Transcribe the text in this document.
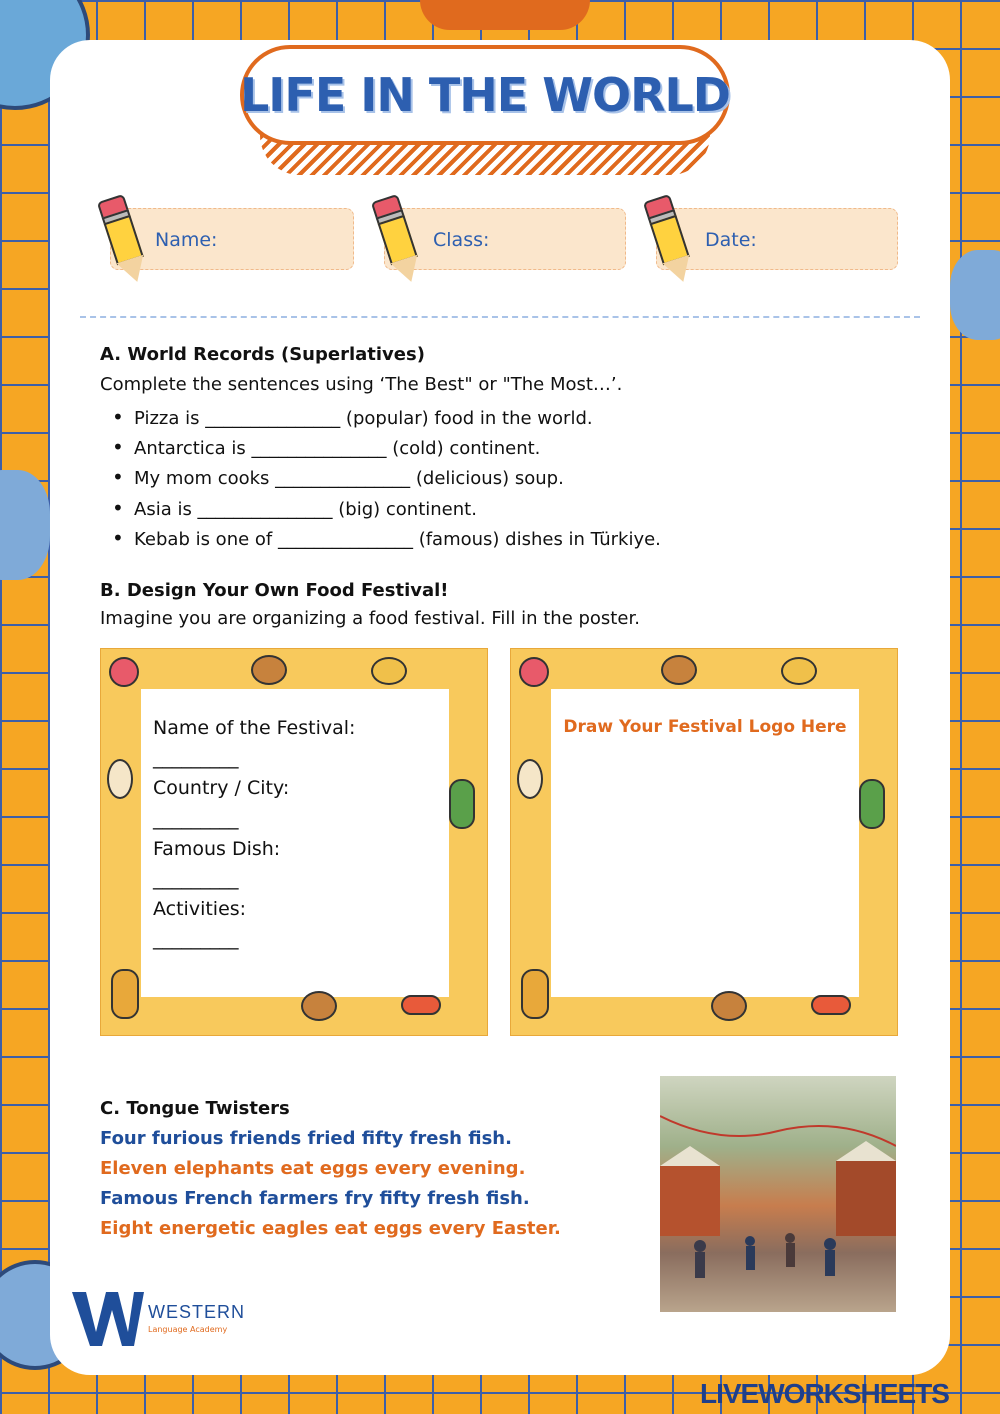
LIFE IN THE WORLD
Name:	Class:	Date:
A. World Records (Superlatives)
Complete the sentences using ‘The Best" or "The Most…’.
• Pizza is _______________ (popular) food in the world.
• Antarctica is _______________ (cold) continent.
• My mom cooks _______________ (delicious) soup.
• Asia is _______________ (big) continent.
• Kebab is one of _______________ (famous) dishes in Türkiye.
B. Design Your Own Food Festival!
Imagine you are organizing a food festival. Fill in the poster.
Name of the Festival:
_________
Country / City:
_________
Famous Dish:
_________
Activities:
_________
Draw Your Festival Logo Here
C. Tongue Twisters
Four furious friends fried fifty fresh fish.
Eleven elephants eat eggs every evening.
Famous French farmers fry fifty fresh fish.
Eight energetic eagles eat eggs every Easter.
WESTERN
Language Academy
LIVEWORKSHEETS
